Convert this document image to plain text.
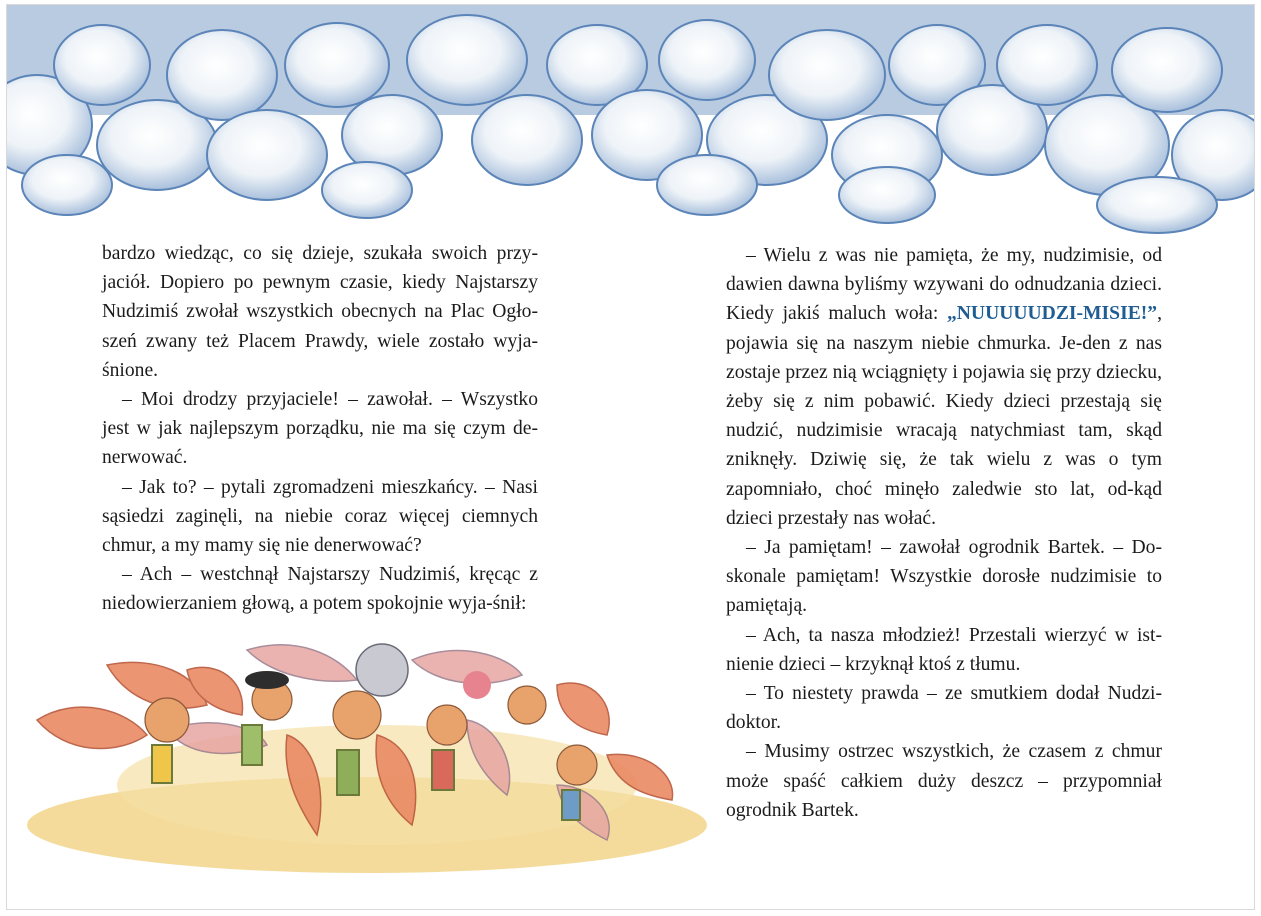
bardzo wiedząc, co się dzieje, szukała swoich przy-jaciół. Dopiero po pewnym czasie, kiedy Najstarszy Nudzimiś zwołał wszystkich obecnych na Plac Ogło-szeń zwany też Placem Prawdy, wiele zostało wyja-śnione.

– Moi drodzy przyjaciele! – zawołał. – Wszystko jest w jak najlepszym porządku, nie ma się czym de-nerwować.

– Jak to? – pytali zgromadzeni mieszkańcy. – Nasi sąsiedzi zaginęli, na niebie coraz więcej ciemnych chmur, a my mamy się nie denerwować?

– Ach – westchnął Najstarszy Nudzimiś, kręcąc z niedowierzaniem głową, a potem spokojnie wyja-śnił:

– Wielu z was nie pamięta, że my, nudzimisie, od dawien dawna byliśmy wzywani do odnudzania dzieci. Kiedy jakiś maluch woła: „NUUUUUDZI-MISIE!”, pojawia się na naszym niebie chmurka. Je-den z nas zostaje przez nią wciągnięty i pojawia się przy dziecku, żeby się z nim pobawić. Kiedy dzieci przestają się nudzić, nudzimisie wracają natychmiast tam, skąd zniknęły. Dziwię się, że tak wielu z was o tym zapomniało, choć minęło zaledwie sto lat, od-kąd dzieci przestały nas wołać.

– Ja pamiętam! – zawołał ogrodnik Bartek. – Do-skonale pamiętam! Wszystkie dorosłe nudzimisie to pamiętają.

– Ach, ta nasza młodzież! Przestali wierzyć w ist-nienie dzieci – krzyknął ktoś z tłumu.

– To niestety prawda – ze smutkiem dodał Nudzi-doktor.

– Musimy ostrzec wszystkich, że czasem z chmur może spaść całkiem duży deszcz – przypomniał ogrodnik Bartek.
